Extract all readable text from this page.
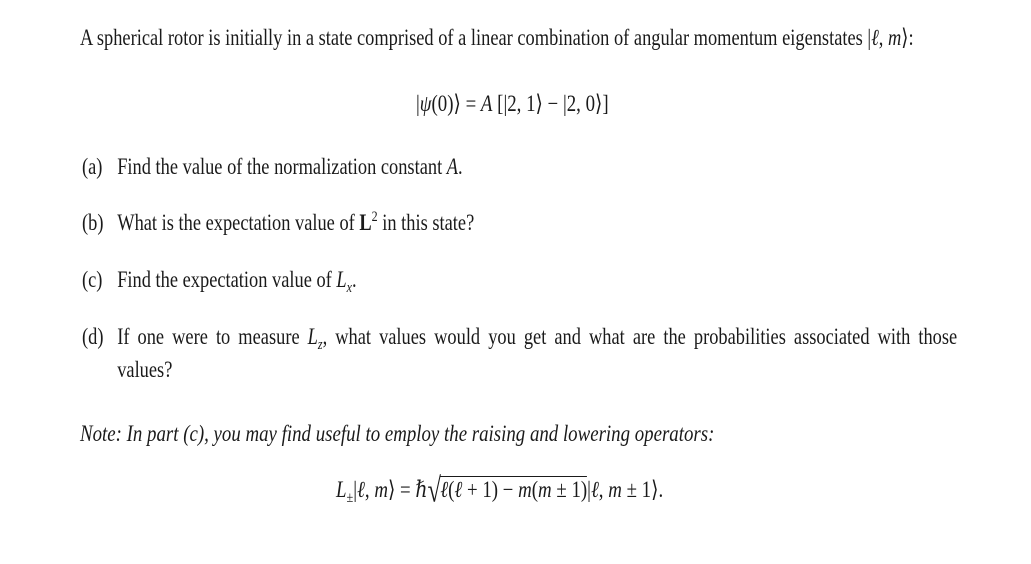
A spherical rotor is initially in a state comprised of a linear combination of angular momentum eigenstates |ℓ, m⟩:
|ψ(0)⟩ = A [|2, 1⟩ − |2, 0⟩]
(a) Find the value of the normalization constant A.
(b) What is the expectation value of $L^2$ in this state?
(c) Find the expectation value of $L_x$.
(d) If one were to measure $L_z$, what values would you get and what are the probabilities associated with those
values?
Note: In part (c), you may find useful to employ the raising and lowering operators:
$L_\pm|\ell$, m⟩ = ℏ√ℓ(ℓ + 1) − m(m ± 1)|ℓ, m ± 1⟩.
